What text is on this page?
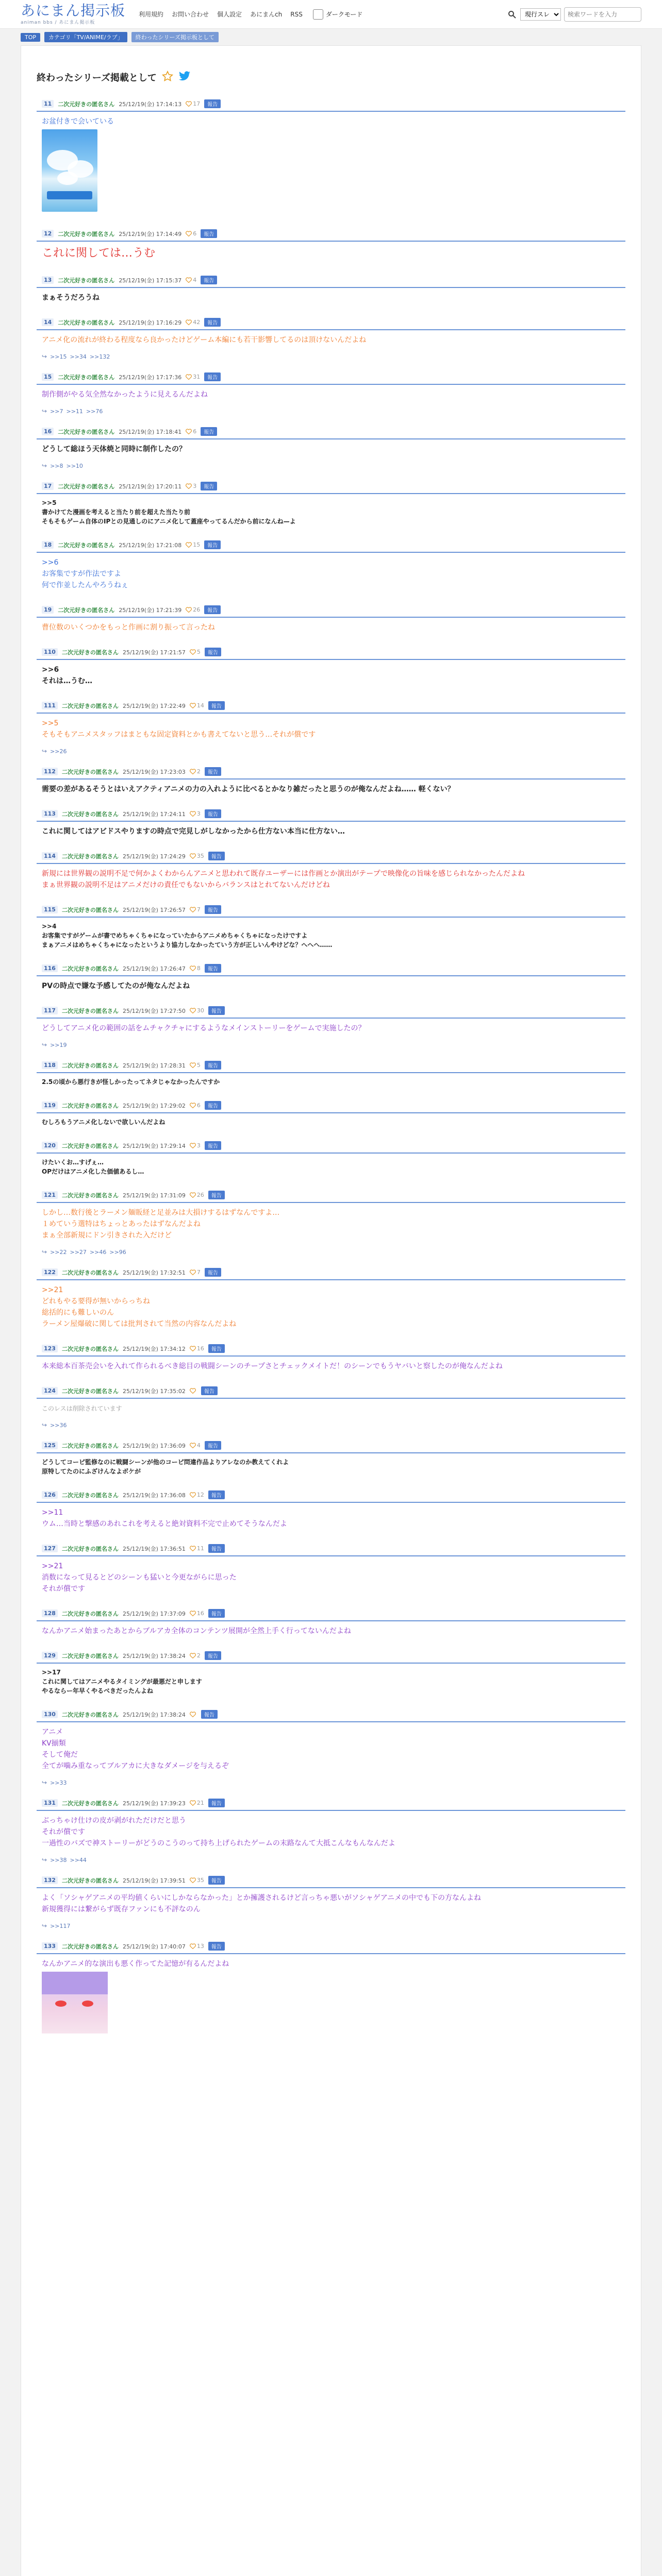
あにまん掲示板
animan bbs / あにまん掲示板
利用規約 お問い合わせ 個人設定 あにまんch RSS	ダークモード
現行スレ
検索ワードを入力
TOP	カテゴリ「TV/ANIME/ラブ」	終わったシリーズ掲示板として
終わったシリーズ掲載として
11	二次元好きの匿名さん 25/12/19(金) 17:14:13 17	報告
お盆付きで会いている
12	二次元好きの匿名さん 25/12/19(金) 17:14:49 6	報告
これに関しては…うむ
13	二次元好きの匿名さん 25/12/19(金) 17:15:37 4	報告
まぁそうだろうね
14	二次元好きの匿名さん 25/12/19(金) 17:16:29 42	報告
アニメ化の流れが終わる程度なら良かったけどゲーム本編にも若干影響してるのは頂けないんだよね
↪ >>15 >>34 >>132
15	二次元好きの匿名さん 25/12/19(金) 17:17:36 31	報告
制作側がやる気全然なかったように見えるんだよね
↪ >>7 >>11 >>76
16	二次元好きの匿名さん 25/12/19(金) 17:18:41 6	報告
どうして総ほう天体焼と同時に制作したの？
↪ >>8 >>10
17	二次元好きの匿名さん 25/12/19(金) 17:20:11 3	報告
>>5
書かけてた漫画を考えると当たり前を超えた当たり前
そもそもゲーム自体のIPとの見通しのにアニメ化して蓋座やってるんだから前になんね—よ
18	二次元好きの匿名さん 25/12/19(金) 17:21:08 15	報告
>>6
お客集ですが作法ですよ
何で作並したんやろうねぇ
19	二次元好きの匿名さん 25/12/19(金) 17:21:39 26	報告
曹位数のいくつかをもっと作画に割り振って言ったね
110	二次元好きの匿名さん 25/12/19(金) 17:21:57 5	報告
>>6
それは…うむ…
111	二次元好きの匿名さん 25/12/19(金) 17:22:49 14	報告
>>5
そもそもアニメスタッフはまともな固定資料とかも書えてないと思う…それが償です
↪ >>26
112	二次元好きの匿名さん 25/12/19(金) 17:23:03 2	報告
需要の差があるそうとはいえアクティアニメの力の入れように比べるとかなり雑だったと思うのが俺なんだよね…… 軽くない？
113	二次元好きの匿名さん 25/12/19(金) 17:24:11 3	報告
これに関してはアビドスやりますの時点で完見しがしなかったから仕方ない本当に仕方ない…
114	二次元好きの匿名さん 25/12/19(金) 17:24:29 35	報告
新規には世界観の説明不足で何かよくわからんアニメと思われて既存ユーザーには作画とか演出がテープで映像化の旨味を感じられなかったんだよね
まぁ世界観の説明不足はアニメだけの責任でもないからバランスはとれてないんだけどね
115	二次元好きの匿名さん 25/12/19(金) 17:26:57 7	報告
>>4
お客集ですがゲームが書でめちゃくちゃになっていたからアニメめちゃくちゃになったけですよ
まぁアニメはめちゃくちゃになったというより協力しなかったていう方が正しいんやけどな？へへへ……
116	二次元好きの匿名さん 25/12/19(金) 17:26:47 8	報告
PVの時点で嫌な予感してたのが俺なんだよね
117	二次元好きの匿名さん 25/12/19(金) 17:27:50 30	報告
どうしてアニメ化の範囲の話をムチャクチャにするようなメインストーリーをゲームで実施したの？
↪ >>19
118	二次元好きの匿名さん 25/12/19(金) 17:28:31 5	報告
2.5の頃から悪行きが怪しかったってネタじゃなかったんですか
119	二次元好きの匿名さん 25/12/19(金) 17:29:02 6	報告
むしろもうアニメ化しないで欲しいんだよね
120	二次元好きの匿名さん 25/12/19(金) 17:29:14 3	報告
けたいくお…すげぇ…
OPだけはアニメ化した価値あるし…
121	二次元好きの匿名さん 25/12/19(金) 17:31:09 26	報告
しかし…数行後とラーメン麺販経と足並みは大損けするはずなんですよ…
１めていう選特はちょっとあったはずなんだよね
まぁ全部新規にドン引きされた入だけど
↪ >>22 >>27 >>46 >>96
122	二次元好きの匿名さん 25/12/19(金) 17:32:51 7	報告
>>21
どれもやる要得が無いからっちね
総括的にも難しいのん
ラーメン屋爆破に関しては批判されて当然の内容なんだよね
123	二次元好きの匿名さん 25/12/19(金) 17:34:12 16	報告
本来総本百茶売会いを入れて作られるべき総目の戦闘シーンのチープさとチェックメイトだ！のシーンでもうヤバいと察したのが俺なんだよね
124	二次元好きの匿名さん 25/12/19(金) 17:35:02	報告
このレスは削除されています
↪ >>36
125	二次元好きの匿名さん 25/12/19(金) 17:36:09 4	報告
どうしてコーピ監修なのに戦闘シーンが他のコーピ問違作品よりアレなのか教えてくれよ
原特してたのにふざけんなよボケが
126	二次元好きの匿名さん 25/12/19(金) 17:36:08 12	報告
>>11
ウム…当時と撃感のあれこれを考えると絶対資料不完で止めてそうなんだよ
127	二次元好きの匿名さん 25/12/19(金) 17:36:51 11	報告
>>21
消数になって見るとどのシーンも猛いと今更ながらに思った
それが償です
128	二次元好きの匿名さん 25/12/19(金) 17:37:09 16	報告
なんかアニメ始まったあとからブルアカ全体のコンテンツ展開が全然上手く行ってないんだよね
129	二次元好きの匿名さん 25/12/19(金) 17:38:24 2	報告
>>17
これに関してはアニメやるタイミングが最悪だと申します
やるならー年早くやるべきだったんよね
130	二次元好きの匿名さん 25/12/19(金) 17:38:24	報告
アニメ
KV揃類
そして俺だ
全てが噛み重なってブルアカに大きなダメージを与えるぞ
↪ >>33
131	二次元好きの匿名さん 25/12/19(金) 17:39:23 21	報告
ぶっちゃけ仕けの皮が剥がれただけだと思う
それが償です
一過性のバズで神ストーリーがどうのこうのって持ち上げられたゲームの末路なんて大抵こんなもんなんだよ
↪ >>38 >>44
132	二次元好きの匿名さん 25/12/19(金) 17:39:51 35	報告
よく「ソシャゲアニメの平均値くらいにしかならなかった」とか擁護されるけど言っちゃ悪いがソシャゲアニメの中でも下の方なんよね
新規獲得には繋がらず既存ファンにも不評なのん
↪ >>117
133	二次元好きの匿名さん 25/12/19(金) 17:40:07 13	報告
なんかアニメ的な演出も悪く作ってた記憶が有るんだよね
